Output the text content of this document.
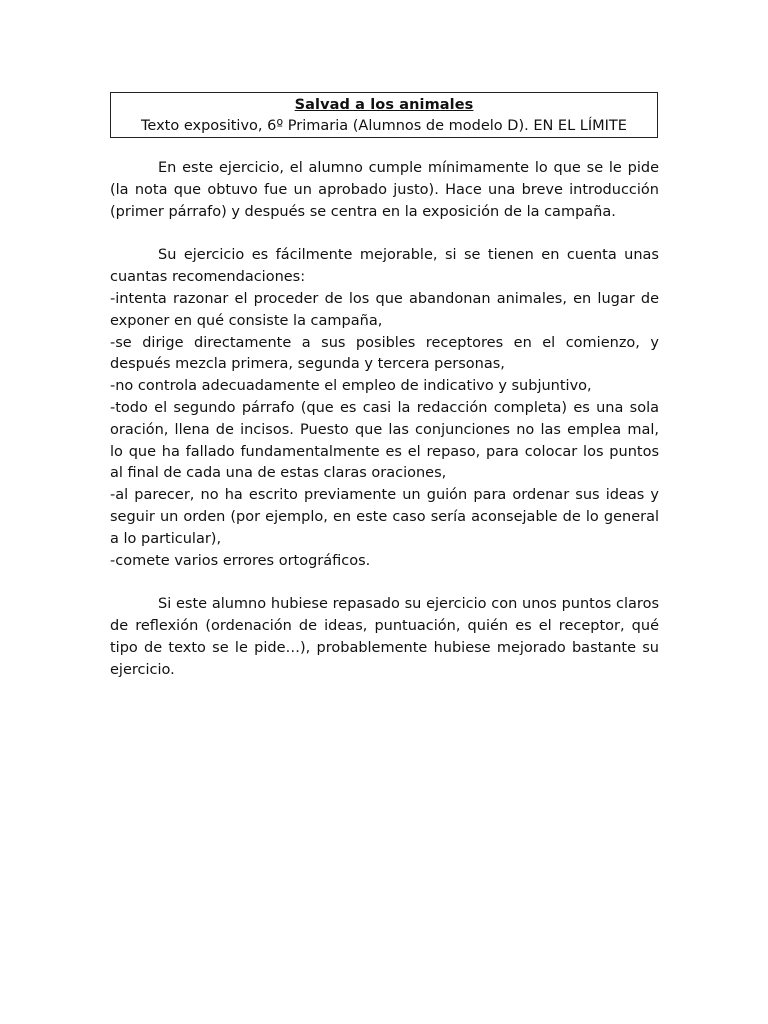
Salvad a los animales
Texto expositivo, 6º Primaria (Alumnos de modelo D). EN EL LÍMITE

En este ejercicio, el alumno cumple mínimamente lo que se le pide (la nota que obtuvo fue un aprobado justo). Hace una breve introducción (primer párrafo) y después se centra en la exposición de la campaña.

Su ejercicio es fácilmente mejorable, si se tienen en cuenta unas cuantas recomendaciones:

-intenta razonar el proceder de los que abandonan animales, en lugar de exponer en qué consiste la campaña,

-se dirige directamente a sus posibles receptores en el comienzo, y después mezcla primera, segunda y tercera personas,

-no controla adecuadamente el empleo de indicativo y subjuntivo,

-todo el segundo párrafo (que es casi la redacción completa) es una sola oración, llena de incisos. Puesto que las conjunciones no las emplea mal, lo que ha fallado fundamentalmente es el repaso, para colocar los puntos al final de cada una de estas claras oraciones,

-al parecer, no ha escrito previamente un guión para ordenar sus ideas y seguir un orden (por ejemplo, en este caso sería aconsejable de lo general a lo particular),

-comete varios errores ortográficos.

Si este alumno hubiese repasado su ejercicio con unos puntos claros de reflexión (ordenación de ideas, puntuación, quién es el receptor, qué tipo de texto se le pide…), probablemente hubiese mejorado bastante su ejercicio.
